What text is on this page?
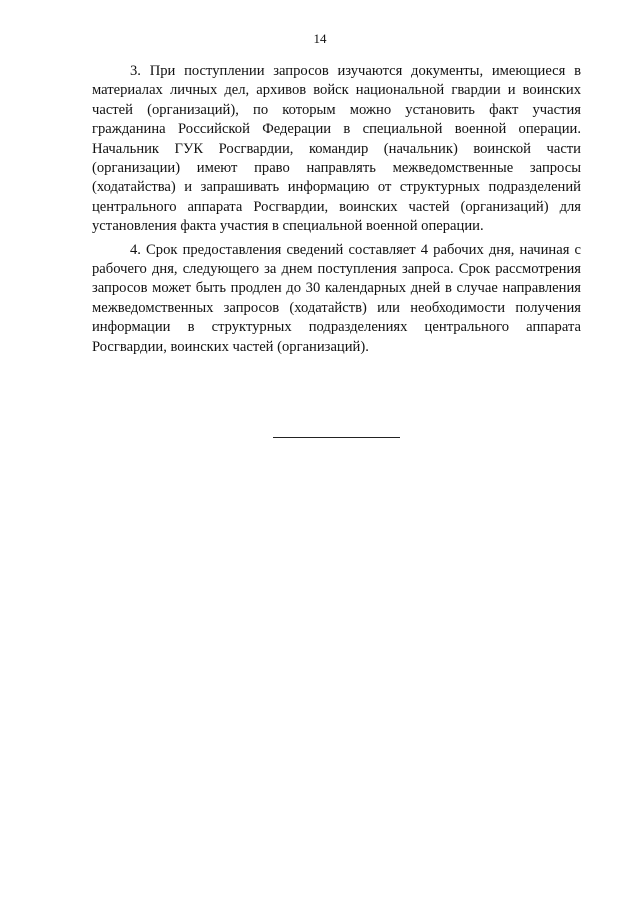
14

3. При поступлении запросов изучаются документы, имеющиеся в материалах личных дел, архивов войск национальной гвардии и воинских частей (организаций), по которым можно установить факт участия гражданина Российской Федерации в специальной военной операции. Начальник ГУК Росгвардии, командир (начальник) воинской части (организации) имеют право направлять межведомственные запросы (ходатайства) и запрашивать информацию от структурных подразделений центрального аппарата Росгвардии, воинских частей (организаций) для установления факта участия в специальной военной операции.

4. Срок предоставления сведений составляет 4 рабочих дня, начиная с рабочего дня, следующего за днем поступления запроса. Срок рассмотрения запросов может быть продлен до 30 календарных дней в случае направления межведомственных запросов (ходатайств) или необходимости получения информации в структурных подразделениях центрального аппарата Росгвардии, воинских частей (организаций).
